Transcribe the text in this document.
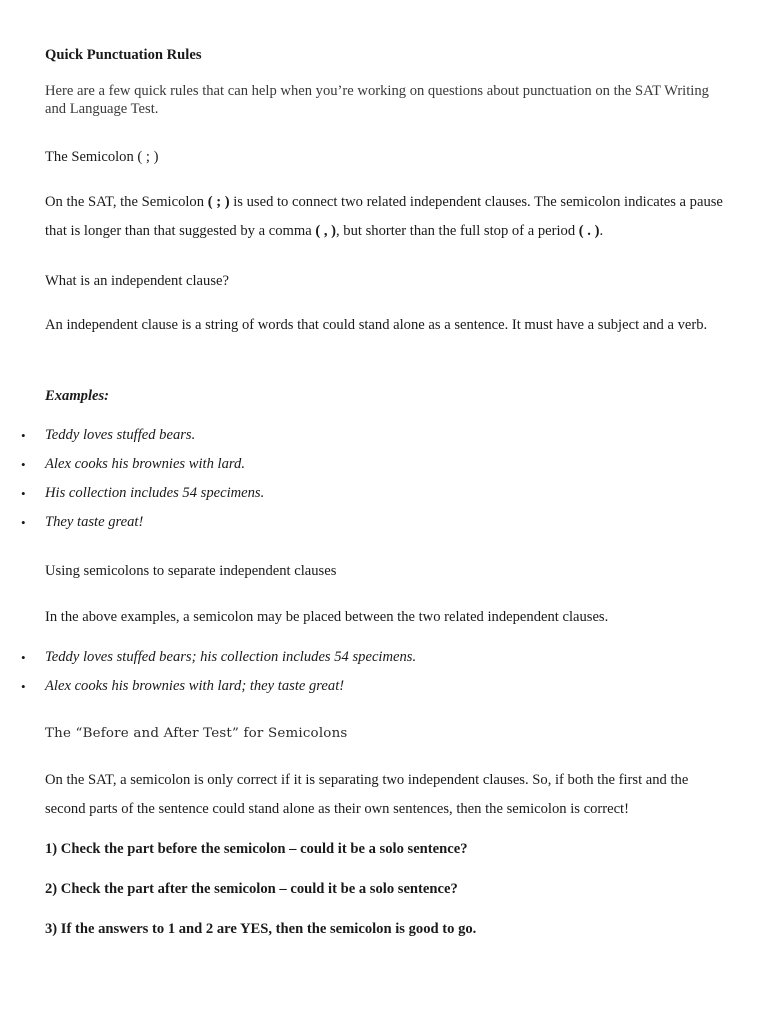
Quick Punctuation Rules

Here are a few quick rules that can help when you’re working on questions about punctuation on the SAT Writing and Language Test.

The Semicolon ( ; )

On the SAT, the Semicolon ( ; ) is used to connect two related independent clauses. The semicolon indicates a pause that is longer than that suggested by a comma ( , ), but shorter than the full stop of a period ( . ).

What is an independent clause?

An independent clause is a string of words that could stand alone as a sentence. It must have a subject and a verb.

Examples:

• Teddy loves stuffed bears.
• Alex cooks his brownies with lard.
• His collection includes 54 specimens.
• They taste great!

Using semicolons to separate independent clauses

In the above examples, a semicolon may be placed between the two related independent clauses.

• Teddy loves stuffed bears; his collection includes 54 specimens.
• Alex cooks his brownies with lard; they taste great!

The “Before and After Test” for Semicolons

On the SAT, a semicolon is only correct if it is separating two independent clauses. So, if both the first and the second parts of the sentence could stand alone as their own sentences, then the semicolon is correct!

1) Check the part before the semicolon – could it be a solo sentence?

2) Check the part after the semicolon – could it be a solo sentence?

3) If the answers to 1 and 2 are YES, then the semicolon is good to go.
